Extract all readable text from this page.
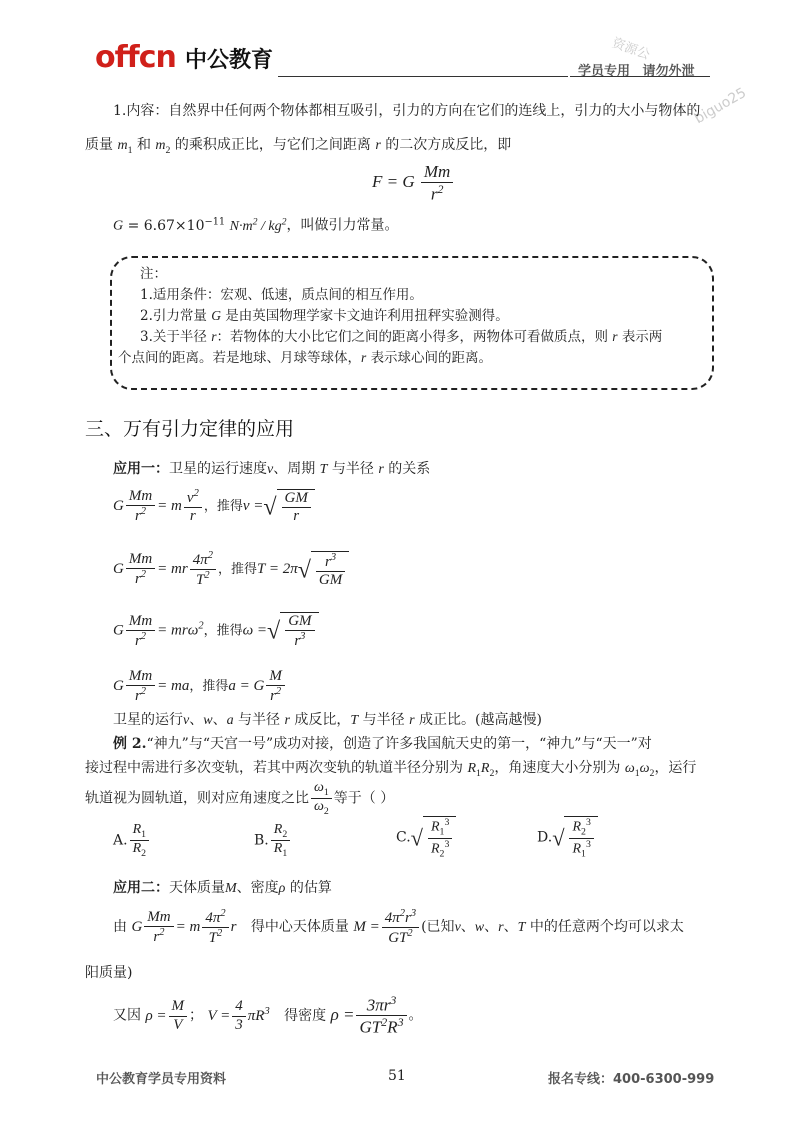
offcn 中公教育	学员专用 请勿外泄
资源公
biguo25
1.内容：自然界中任何两个物体都相互吸引，引力的方向在它们的连线上，引力的大小与物体的
质量 $m_1$ 和 $m_2$ 的乘积成正比，与它们之间距离 r 的二次方成反比，即
F = G $\frac{Mm}{r^2}$
$G = 6.67\times 10^{-11}$ $N\cdot m^2 / kg^2$，叫做引力常量。
注：
1.适用条件：宏观、低速，质点间的相互作用。
2.引力常量 G 是由英国物理学家卡文迪许利用扭秤实验测得。
3.关于半径 r：若物体的大小比它们之间的距离小得多，两物体可看做质点，则 r 表示两
个点间的距离。若是地球、月球等球体，r 表示球心间的距离。
三、万有引力定律的应用
应用一：卫星的运行速度v、周期 T 与半径 r 的关系
G $\frac{Mm}{r^2} = m \frac{v^2}{r}$ ，推得v =√ $\frac{GM}{r}$
G $\frac{Mm}{r^2}$ = mr $\frac{4\pi^2}{T^2}$ ，推得$T = 2\pi√ \frac{r^3}{GM}$
G $\frac{Mm}{r^2} = mr\omega^2$，推得ω =√ $\frac{GM}{r^3}$
G $\frac{Mm}{r^2}$ = ma，推得a = G $\frac{M}{r^2}$
卫星的运行v、w、a 与半径 r 成反比，T 与半径 r 成正比。(越高越慢)
例 2.“神九”与“天宫一号”成功对接，创造了许多我国航天史的第一，“神九”与“天一”对
接过程中需进行多次变轨，若其中两次变轨的轨道半径分别为 $R_1R_2$，角速度大小分别为 $\omega_1\omega_2$，运行
轨道视为圆轨道，则对应角速度之比 $\frac{\omega_1}{\omega_2}$ 等于（ ）
A. $\frac{R_1}{R_2}$	B. $\frac{R_2}{R_1}$	$C.√ \frac{R_1^3}{R_2^3}$	$D.√ \frac{R_2^3}{R_1^3}$
应用二：天体质量M、密度ρ 的估算
由 G $\frac{Mm}{r^2} = m \frac{4\pi^2}{T^2}$ r 得中心天体质量 $M = \frac{4\pi^2r^3}{GT^2}$ (已知v、w、r、T 中的任意两个均可以求太
阳质量)
又因 $\rho = \frac{M}{V}$ ； $V = \frac{4}{3} \pi R^3$ 得密度 $\rho = \frac{3\pi r^3}{GT^2R^3}$ 。
中公教育学员专用资料	51	报名专线：400-6300-999
